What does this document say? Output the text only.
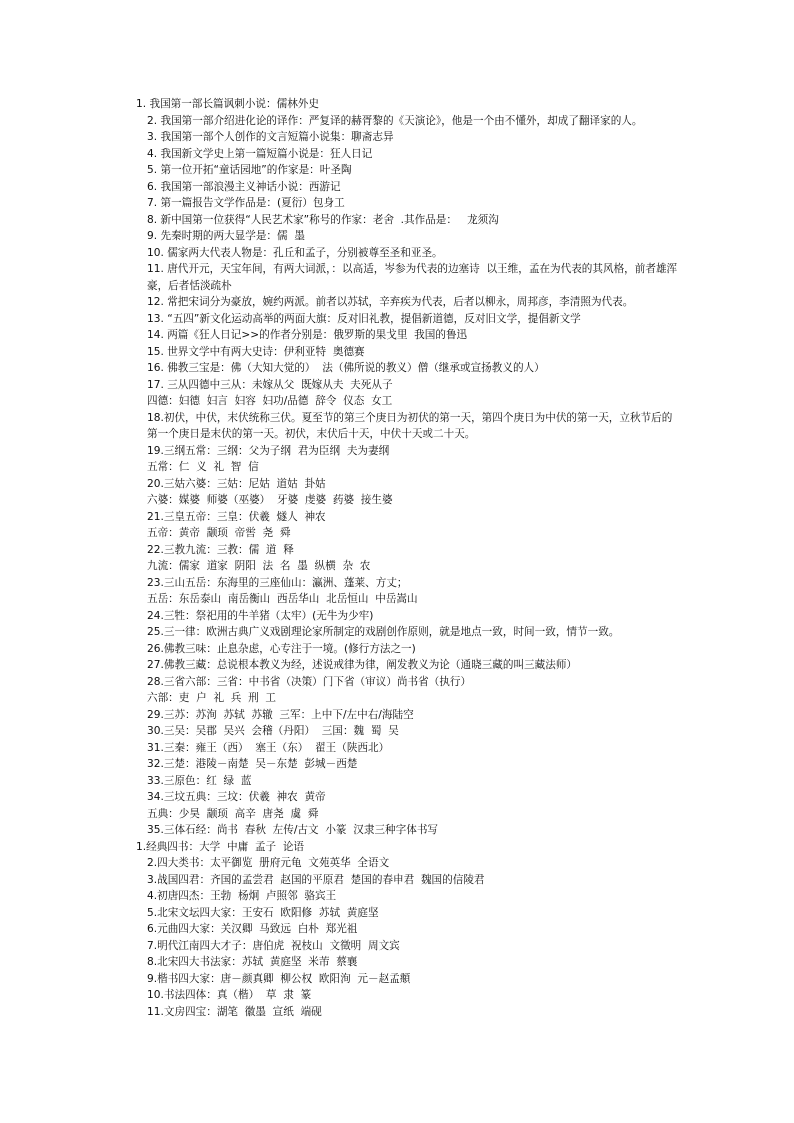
1. 我国第一部长篇讽刺小说：儒林外史
2. 我国第一部介绍进化论的译作：严复译的赫胥黎的《天演论》，他是一个由不懂外，却成了翻译家的人。
3. 我国第一部个人创作的文言短篇小说集：聊斋志异
4. 我国新文学史上第一篇短篇小说是：狂人日记
5. 第一位开拓“童话园地”的作家是：叶圣陶
6. 我国第一部浪漫主义神话小说：西游记
7. 第一篇报告文学作品是：(夏衍）包身工
8. 新中国第一位获得“人民艺术家”称号的作家：老舍  .其作品是：   龙须沟
9. 先秦时期的两大显学是：儒  墨
10. 儒家两大代表人物是：孔丘和孟子，分别被尊至圣和亚圣。
11. 唐代开元，天宝年间，有两大词派，：以高适，岑参为代表的边塞诗  以王维，孟在为代表的其风格，前者雄浑豪，后者恬淡疏朴
12. 常把宋词分为豪放，婉约两派。前者以苏轼，辛弃疾为代表，后者以柳永，周邦彦，李清照为代表。
13. “五四”新文化运动高举的两面大旗：反对旧礼教，提倡新道德，反对旧文学，提倡新文学
14. 两篇《狂人日记>>的作者分别是：俄罗斯的果戈里  我国的鲁迅
15. 世界文学中有两大史诗：伊利亚特  奥德赛
16. 佛教三宝是：佛（大知大觉的）  法（佛所说的教义）僧（继承或宣扬教义的人）
17. 三从四德中三从：未嫁从父  既嫁从夫  夫死从子
四德：妇德  妇言  妇容  妇功/品德  辞令  仪态  女工
18.初伏，中伏，末伏统称三伏。夏至节的第三个庚日为初伏的第一天，第四个庚日为中伏的第一天，立秋节后的第一个庚日是末伏的第一天。初伏，末伏后十天，中伏十天或二十天。
19.三纲五常：三纲：父为子纲  君为臣纲  夫为妻纲
五常：仁  义  礼  智  信
20.三姑六婆：三姑：尼姑  道姑  卦姑
六婆：媒婆  师婆（巫婆）  牙婆  虔婆  药婆  接生婆
21.三皇五帝：三皇：伏羲  燧人  神农
五帝：黄帝  颛顼  帝喾  尧  舜
22.三教九流：三教：儒  道  释
九流：儒家  道家  阴阳  法  名  墨  纵横  杂  农
23.三山五岳：东海里的三座仙山：瀛洲、蓬莱、方丈；
五岳：东岳泰山  南岳衡山  西岳华山  北岳恒山  中岳嵩山
24.三牲：祭祀用的牛羊猪（太牢）(无牛为少牢)
25.三一律：欧洲古典广义戏剧理论家所制定的戏剧创作原则，就是地点一致，时间一致，情节一致。
26.佛教三味：止息杂虑，心专注于一境。(修行方法之一)
27.佛教三藏：总说根本教义为经，述说戒律为律，阐发教义为论（通晓三藏的叫三藏法师）
28.三省六部：三省：中书省（决策）门下省（审议）尚书省（执行）
六部：吏  户  礼  兵  刑  工
29.三苏：苏洵  苏轼  苏辙  三军：上中下/左中右/海陆空
30.三吴：吴郡  吴兴  会稽（丹阳）  三国：魏  蜀  吴
31.三秦：雍王（西）  塞王（东）  翟王（陕西北）
32.三楚：港陵－南楚  吴－东楚  彭城－西楚
33.三原色：红  绿  蓝
34.三坟五典：三坟：伏羲  神农  黄帝
五典：少昊  颛顼  高辛  唐尧  虞  舜
35.三体石经：尚书  春秋  左传/古文  小篆  汉隶三种字体书写
1.经典四书：大学  中庸  孟子  论语
2.四大类书：太平御览  册府元龟  文苑英华  全语文
3.战国四君：齐国的孟尝君  赵国的平原君  楚国的春申君  魏国的信陵君
4.初唐四杰：王勃  杨炯  卢照邻  骆宾王
5.北宋文坛四大家：王安石  欧阳修  苏轼  黄庭坚
6.元曲四大家：关汉卿  马致远  白朴  郑光祖
7.明代江南四大才子：唐伯虎  祝枝山  文徵明  周文宾
8.北宋四大书法家：苏轼  黄庭坚  米芾  蔡襄
9.楷书四大家：唐－颜真卿  柳公权  欧阳洵  元－赵孟頫
10.书法四体：真（楷）  草  隶  篆
11.文房四宝：湖笔  徽墨  宣纸  端砚
